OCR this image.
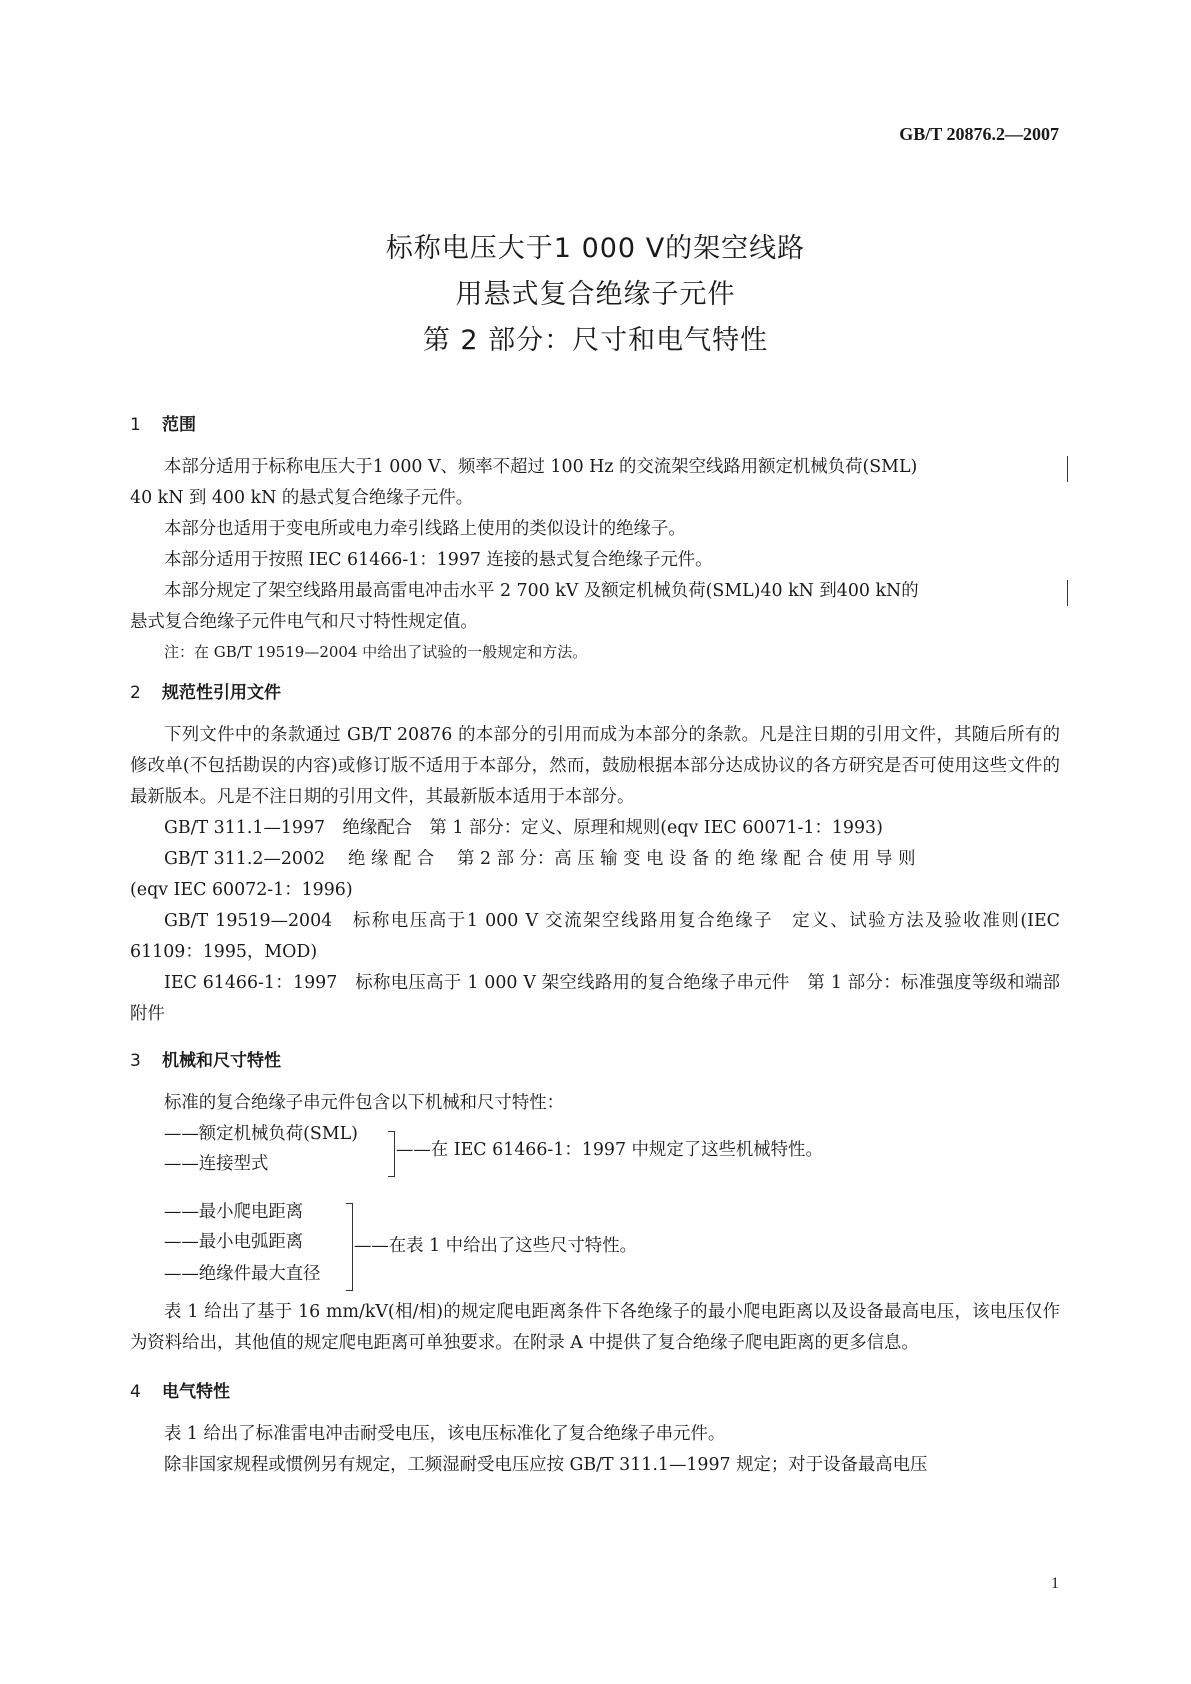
GB/T 20876.2—2007
标称电压大于1 000 V的架空线路
用悬式复合绝缘子元件
第 2 部分：尺寸和电气特性
1 范围
本部分适用于标称电压大于1 000 V、频率不超过 100 Hz 的交流架空线路用额定机械负荷(SML)
40 kN 到 400 kN 的悬式复合绝缘子元件。
本部分也适用于变电所或电力牵引线路上使用的类似设计的绝缘子。
本部分适用于按照 IEC 61466-1：1997 连接的悬式复合绝缘子元件。
本部分规定了架空线路用最高雷电冲击水平 2 700 kV 及额定机械负荷(SML)40 kN 到400 kN的
悬式复合绝缘子元件电气和尺寸特性规定值。
注：在 GB/T 19519—2004 中给出了试验的一般规定和方法。
2 规范性引用文件
下列文件中的条款通过 GB/T 20876 的本部分的引用而成为本部分的条款。凡是注日期的引用文件，其随后所有的修改单(不包括勘误的内容)或修订版不适用于本部分，然而，鼓励根据本部分达成协议的各方研究是否可使用这些文件的最新版本。凡是不注日期的引用文件，其最新版本适用于本部分。
GB/T 311.1—1997　绝缘配合　第 1 部分：定义、原理和规则(eqv IEC 60071-1：1993)
GB/T 311.2—2002　 绝 缘 配 合　 第 2 部 分：高 压 输 变 电 设 备 的 绝 缘 配 合 使 用 导 则
(eqv IEC 60072-1：1996)
GB/T 19519—2004　标称电压高于1 000 V 交流架空线路用复合绝缘子　定义、试验方法及验收准则(IEC 61109：1995，MOD)
IEC 61466-1：1997　标称电压高于 1 000 V 架空线路用的复合绝缘子串元件　第 1 部分：标准强度等级和端部附件
3 机械和尺寸特性
标准的复合绝缘子串元件包含以下机械和尺寸特性：
——额定机械负荷(SML)
——连接型式
——在 IEC 61466-1：1997 中规定了这些机械特性。
——最小爬电距离
——最小电弧距离
——绝缘件最大直径
——在表 1 中给出了这些尺寸特性。
表 1 给出了基于 16 mm/kV(相/相)的规定爬电距离条件下各绝缘子的最小爬电距离以及设备最高电压，该电压仅作为资料给出，其他值的规定爬电距离可单独要求。在附录 A 中提供了复合绝缘子爬电距离的更多信息。
4 电气特性
表 1 给出了标准雷电冲击耐受电压，该电压标准化了复合绝缘子串元件。
除非国家规程或惯例另有规定，工频湿耐受电压应按 GB/T 311.1—1997 规定；对于设备最高电压
1
